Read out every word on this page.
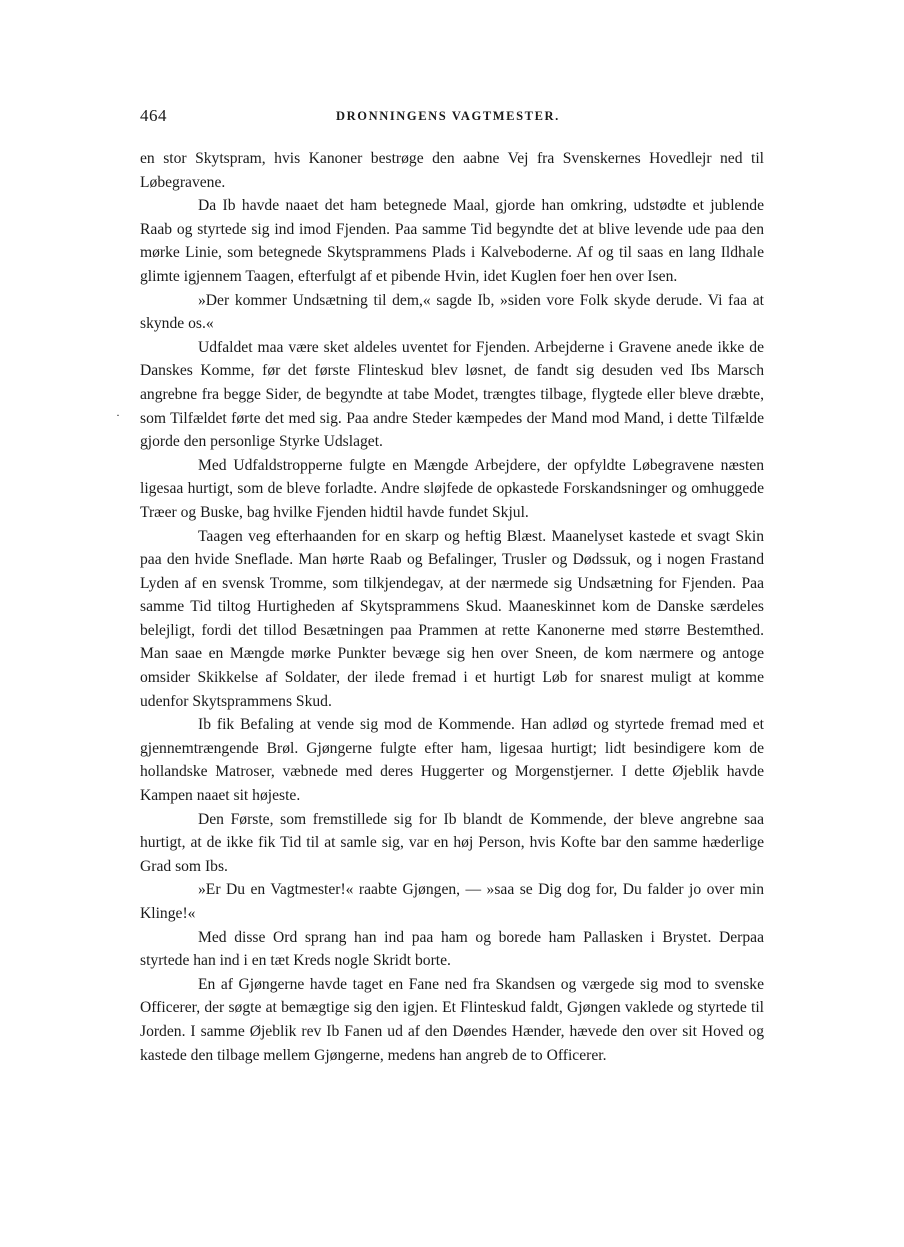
464	DRONNINGENS VAGTMESTER.
·

en stor Skytspram, hvis Kanoner bestrøge den aabne Vej fra Svenskernes Hovedlejr ned til Løbegravene.

Da Ib havde naaet det ham betegnede Maal, gjorde han omkring, udstødte et jublende Raab og styrtede sig ind imod Fjenden. Paa samme Tid begyndte det at blive levende ude paa den mørke Linie, som betegnede Skytsprammens Plads i Kalveboderne. Af og til saas en lang Ildhale glimte igjennem Taagen, efterfulgt af et pibende Hvin, idet Kuglen foer hen over Isen.

»Der kommer Undsætning til dem,« sagde Ib, »siden vore Folk skyde derude. Vi faa at skynde os.«

Udfaldet maa være sket aldeles uventet for Fjenden. Arbejderne i Gravene anede ikke de Danskes Komme, før det første Flinteskud blev løsnet, de fandt sig desuden ved Ibs Marsch angrebne fra begge Sider, de begyndte at tabe Modet, trængtes tilbage, flygtede eller bleve dræbte, som Tilfældet førte det med sig. Paa andre Steder kæmpedes der Mand mod Mand, i dette Tilfælde gjorde den personlige Styrke Udslaget.

Med Udfaldstropperne fulgte en Mængde Arbejdere, der opfyldte Løbegravene næsten ligesaa hurtigt, som de bleve forladte. Andre sløjfede de opkastede Forskandsninger og omhuggede Træer og Buske, bag hvilke Fjenden hidtil havde fundet Skjul.

Taagen veg efterhaanden for en skarp og heftig Blæst. Maanelyset kastede et svagt Skin paa den hvide Sneflade. Man hørte Raab og Befalinger, Trusler og Dødssuk, og i nogen Frastand Lyden af en svensk Tromme, som tilkjendegav, at der nærmede sig Undsætning for Fjenden. Paa samme Tid tiltog Hurtigheden af Skytsprammens Skud. Maaneskinnet kom de Danske særdeles belejligt, fordi det tillod Besætningen paa Prammen at rette Kanonerne med større Bestemthed. Man saae en Mængde mørke Punkter bevæge sig hen over Sneen, de kom nærmere og antoge omsider Skikkelse af Soldater, der ilede fremad i et hurtigt Løb for snarest muligt at komme udenfor Skytsprammens Skud.

Ib fik Befaling at vende sig mod de Kommende. Han adlød og styrtede fremad med et gjennemtrængende Brøl. Gjøngerne fulgte efter ham, ligesaa hurtigt; lidt besindigere kom de hollandske Matroser, væbnede med deres Huggerter og Morgenstjerner. I dette Øjeblik havde Kampen naaet sit højeste.

Den Første, som fremstillede sig for Ib blandt de Kommende, der bleve angrebne saa hurtigt, at de ikke fik Tid til at samle sig, var en høj Person, hvis Kofte bar den samme hæderlige Grad som Ibs.

»Er Du en Vagtmester!« raabte Gjøngen, — »saa se Dig dog for, Du falder jo over min Klinge!«

Med disse Ord sprang han ind paa ham og borede ham Pallasken i Brystet. Derpaa styrtede han ind i en tæt Kreds nogle Skridt borte.

En af Gjøngerne havde taget en Fane ned fra Skandsen og værgede sig mod to svenske Officerer, der søgte at bemægtige sig den igjen. Et Flinteskud faldt, Gjøngen vaklede og styrtede til Jorden. I samme Øjeblik rev Ib Fanen ud af den Døendes Hænder, hævede den over sit Hoved og kastede den tilbage mellem Gjøngerne, medens han angreb de to Officerer.
